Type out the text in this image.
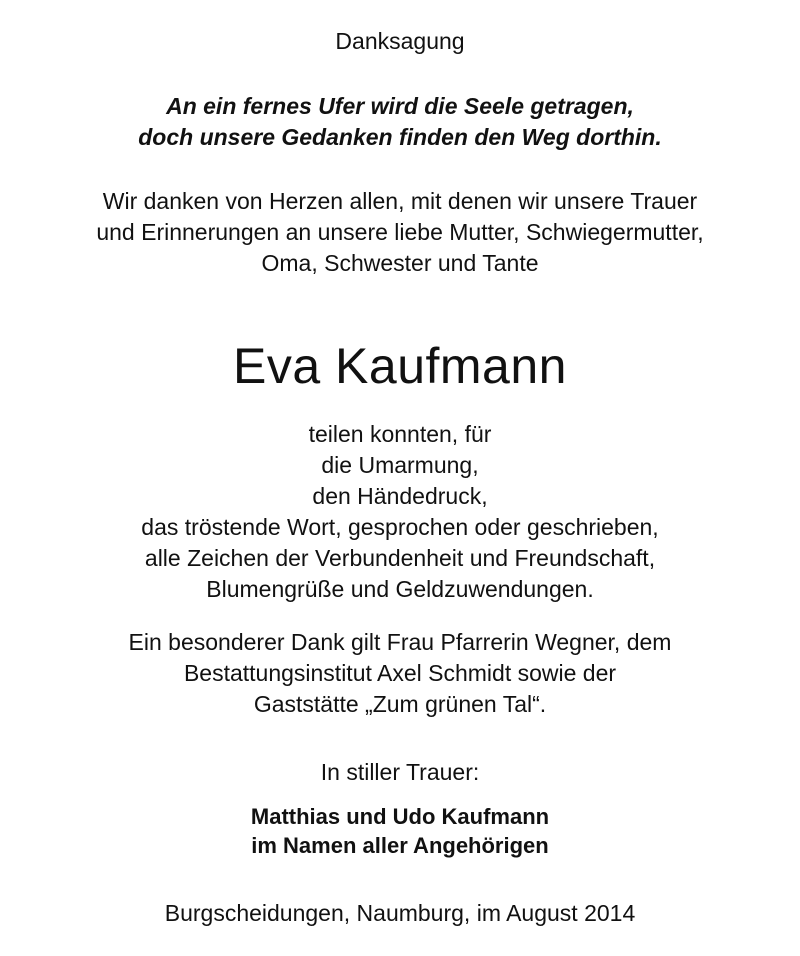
Danksagung
An ein fernes Ufer wird die Seele getragen,
doch unsere Gedanken finden den Weg dorthin.
Wir danken von Herzen allen, mit denen wir unsere Trauer
und Erinnerungen an unsere liebe Mutter, Schwiegermutter,
Oma, Schwester und Tante
Eva Kaufmann
teilen konnten, für
die Umarmung,
den Händedruck,
das tröstende Wort, gesprochen oder geschrieben,
alle Zeichen der Verbundenheit und Freundschaft,
Blumengrüße und Geldzuwendungen.
Ein besonderer Dank gilt Frau Pfarrerin Wegner, dem
Bestattungsinstitut Axel Schmidt sowie der
Gaststätte „Zum grünen Tal“.
In stiller Trauer:
Matthias und Udo Kaufmann
im Namen aller Angehörigen
Burgscheidungen, Naumburg, im August 2014
